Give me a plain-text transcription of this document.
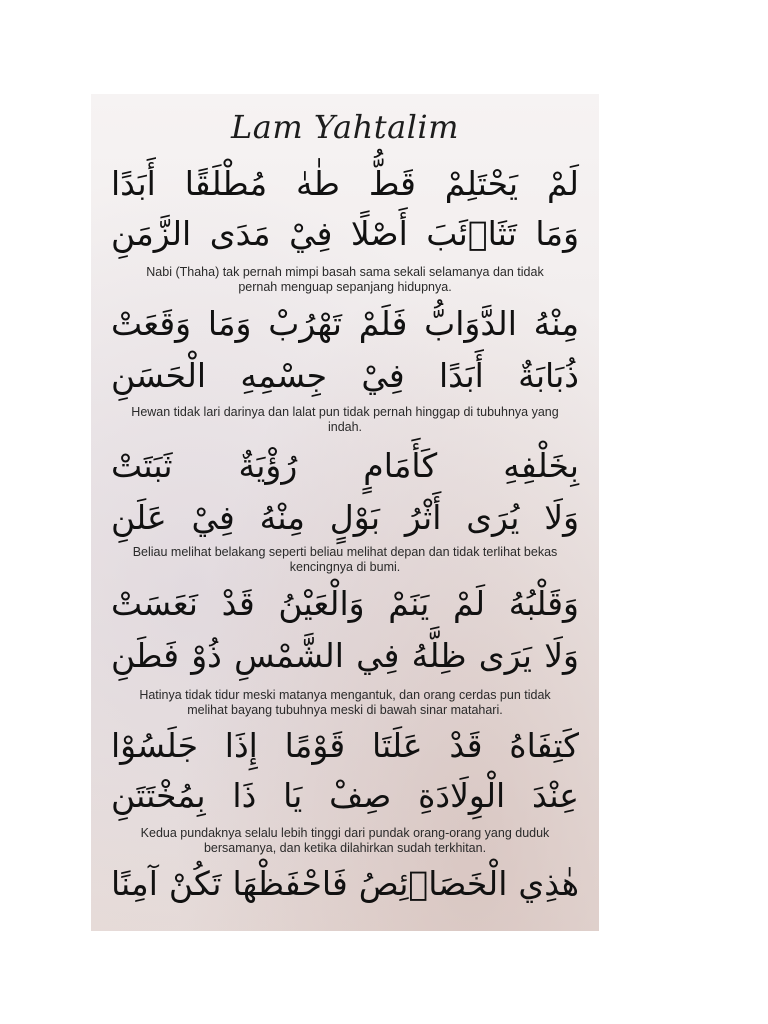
Lam Yahtalim
لَمْ يَحْتَلِمْ قَطُّ طٰهٰ مُطْلَقًا أَبَدًا
وَمَا تَثَاۤئَبَ أَصْلًا فِيْ مَدَى الزَّمَنِ
Nabi (Thaha) tak pernah mimpi basah sama sekali selamanya dan tidak pernah menguap sepanjang hidupnya.
مِنْهُ الدَّوَابُّ فَلَمْ تَهْرُبْ وَمَا وَقَعَتْ
ذُبَابَةٌ أَبَدًا فِيْ جِسْمِهِ الْحَسَنِ
Hewan tidak lari darinya dan lalat pun tidak pernah hinggap di tubuhnya yang indah.
بِخَلْفِهِ كَأَمَامٍ رُؤْيَةٌ ثَبَتَتْ
وَلَا يُرَى أَثْرُ بَوْلٍ مِنْهُ فِيْ عَلَنِ
Beliau melihat belakang seperti beliau melihat depan dan tidak terlihat bekas kencingnya di bumi.
وَقَلْبُهُ لَمْ يَنَمْ وَالْعَيْنُ قَدْ نَعَسَتْ
وَلَا يَرَى ظِلَّهُ فِي الشَّمْسِ ذُوْ فَطَنِ
Hatinya tidak tidur meski matanya mengantuk, dan orang cerdas pun tidak melihat bayang tubuhnya meski di bawah sinar matahari.
كَتِفَاهُ قَدْ عَلَتَا قَوْمًا إِذَا جَلَسُوْا
عِنْدَ الْوِلَادَةِ صِفْ يَا ذَا بِمُخْتَتَنِ
Kedua pundaknya selalu lebih tinggi dari pundak orang-orang yang duduk bersamanya, dan ketika dilahirkan sudah terkhitan.
هٰذِي الْخَصَاۤئِصُ فَاحْفَظْهَا تَكُنْ آمِنًا
